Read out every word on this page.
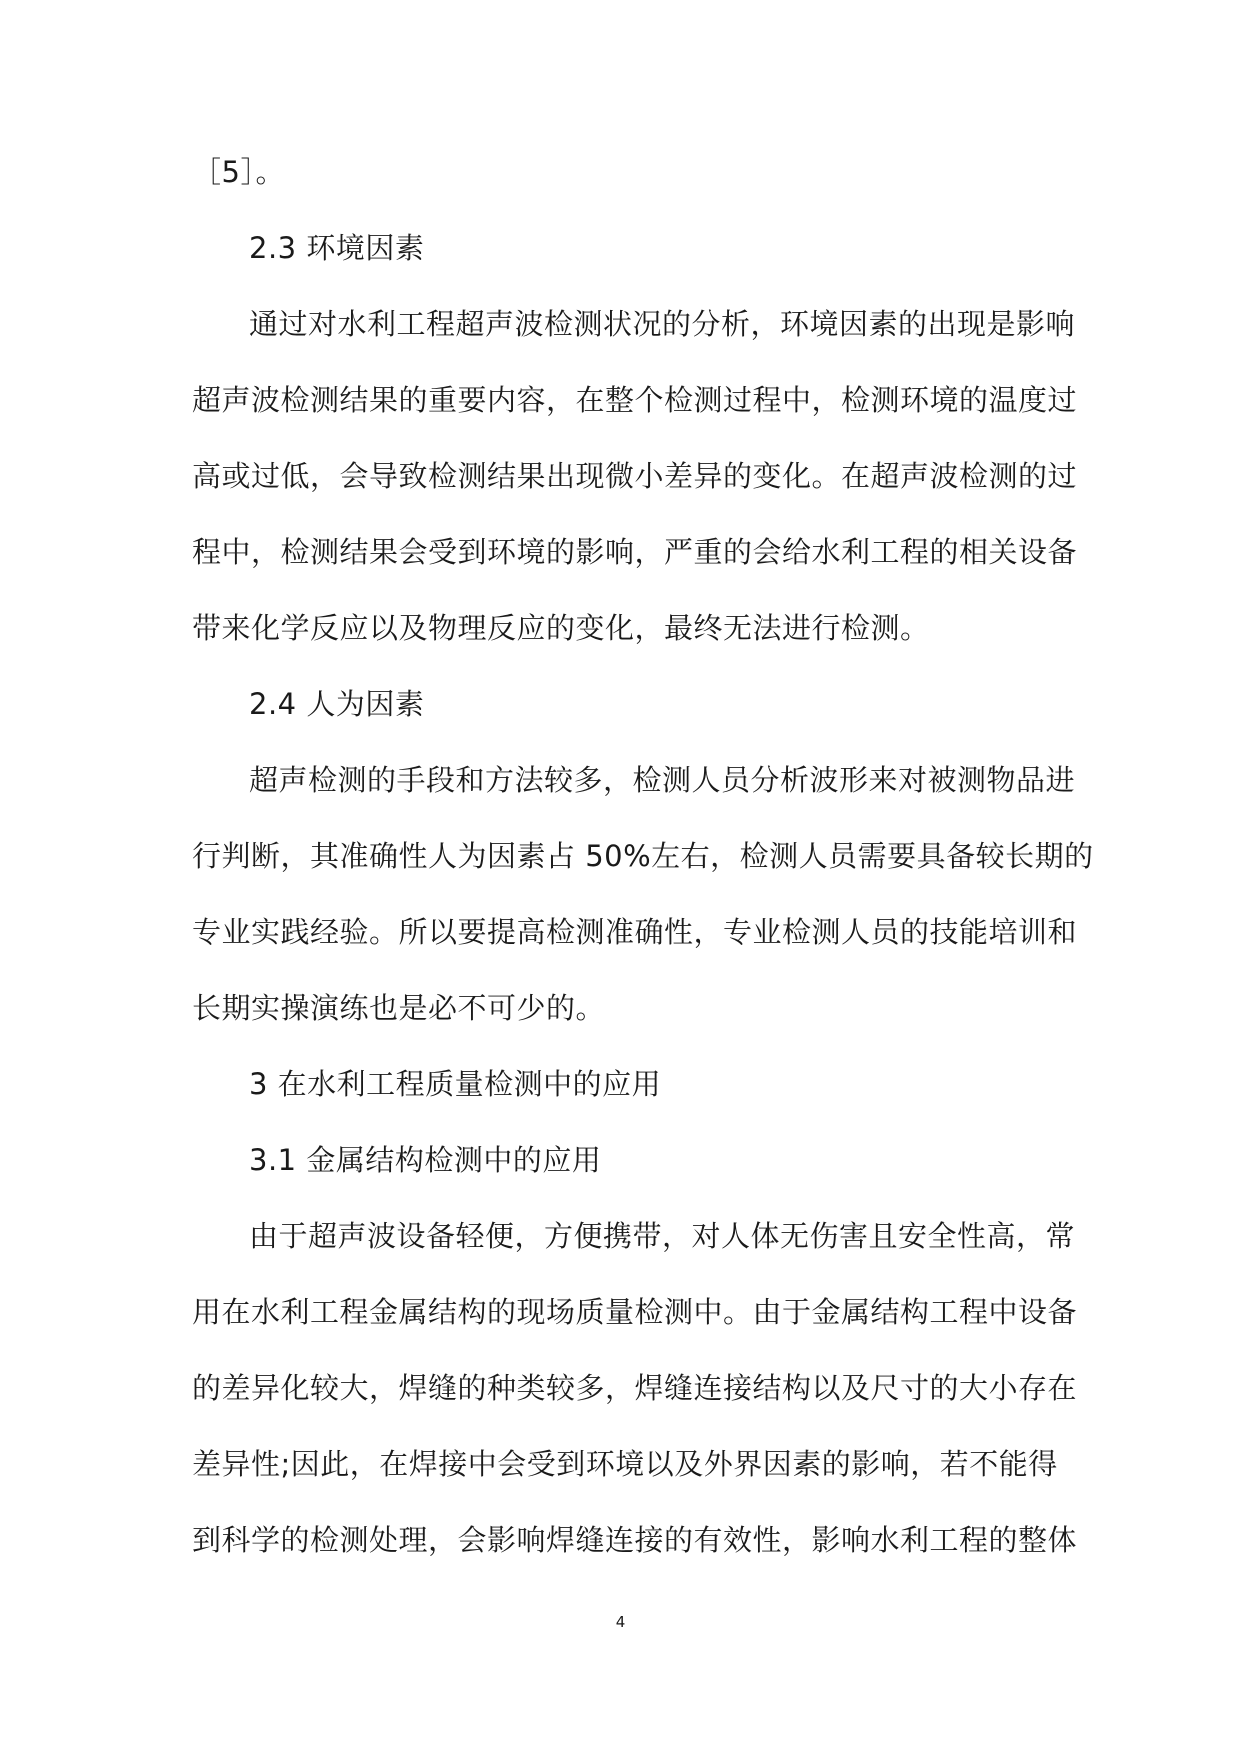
［5］。
2.3 环境因素
通过对水利工程超声波检测状况的分析，环境因素的出现是影响
超声波检测结果的重要内容，在整个检测过程中，检测环境的温度过
高或过低，会导致检测结果出现微小差异的变化。在超声波检测的过
程中，检测结果会受到环境的影响，严重的会给水利工程的相关设备
带来化学反应以及物理反应的变化，最终无法进行检测。
2.4 人为因素
超声检测的手段和方法较多，检测人员分析波形来对被测物品进
行判断，其准确性人为因素占 50%左右，检测人员需要具备较长期的
专业实践经验。所以要提高检测准确性，专业检测人员的技能培训和
长期实操演练也是必不可少的。
3 在水利工程质量检测中的应用
3.1 金属结构检测中的应用
由于超声波设备轻便，方便携带，对人体无伤害且安全性高，常
用在水利工程金属结构的现场质量检测中。由于金属结构工程中设备
的差异化较大，焊缝的种类较多，焊缝连接结构以及尺寸的大小存在
差异性;因此，在焊接中会受到环境以及外界因素的影响，若不能得
到科学的检测处理，会影响焊缝连接的有效性，影响水利工程的整体
4
